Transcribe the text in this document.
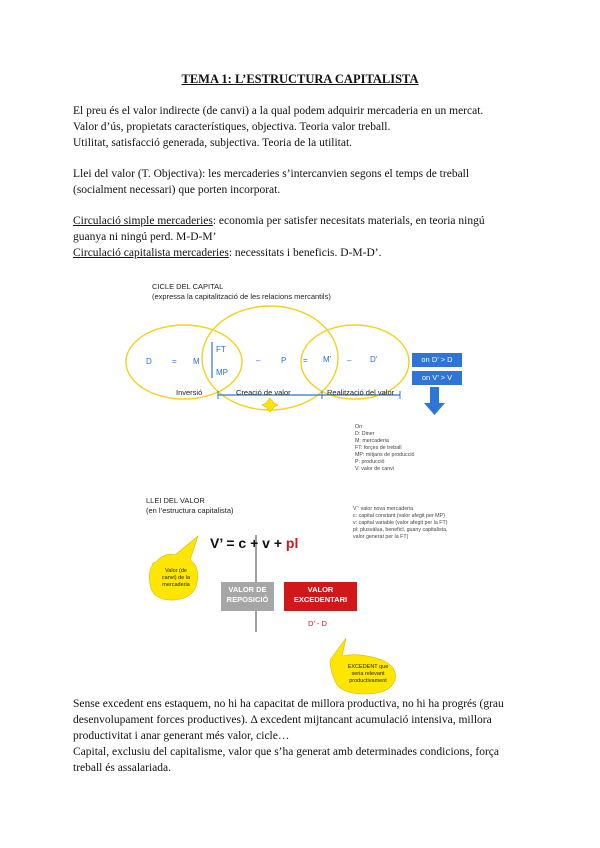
TEMA 1: L’ESTRUCTURA CAPITALISTA
El preu és el valor indirecte (de canvi) a la qual podem adquirir mercaderia en un mercat.
Valor d’ús, propietats característiques, objectiva. Teoria valor treball.
Utilitat, satisfacció generada, subjectiva. Teoria de la utilitat.
Llei del valor (T. Objectiva): les mercaderies s’intercanvien segons el temps de treball
(socialment necessari) que porten incorporat.
Circulació simple mercaderies: economia per satisfer necesitats materials, en teoria ningú
guanya ni ningú perd. M-D-M’
Circulació capitalista mercaderies: necessitats i beneficis. D-M-D’.
CICLE DEL CAPITAL
(expressa la capitalització de les relacions mercantils)
D	= M
FT
MP
–	P = M’ – D’	on D’ > D
on V’ > V
Inversió	Creació de valor	Realització del valor
On:
D: Diner
M: mercaderia
FT: forçes de treball
MP: mitjans de producció
P: producció
V: valor de canvi
LLEI DEL VALOR
(en l’estructura capitalista)	V’: valor nova mercaderia
c: capital constant (valor afegit per MP)
v: capital variable (valor afegit per la FT)
pl: plusvàlua, benefici, guany capitalista,
valor generat per la FT)
V’ = c + v + pl
Valor (de canvi) de la mercaderia	VALOR DE REPOSICIÓ
VALOR EXCEDENTARI
D’ - D
EXCEDENT que seria relevant productivament
Sense excedent ens estaquem, no hi ha capacitat de millora productiva, no hi ha progrés (grau
desenvolupament forces productives). Δ excedent mijtancant acumulació intensiva, millora
productivitat i anar generant més valor, cicle…
Capital, exclusiu del capitalisme, valor que s’ha generat amb determinades condicions, força
treball és assalariada.
